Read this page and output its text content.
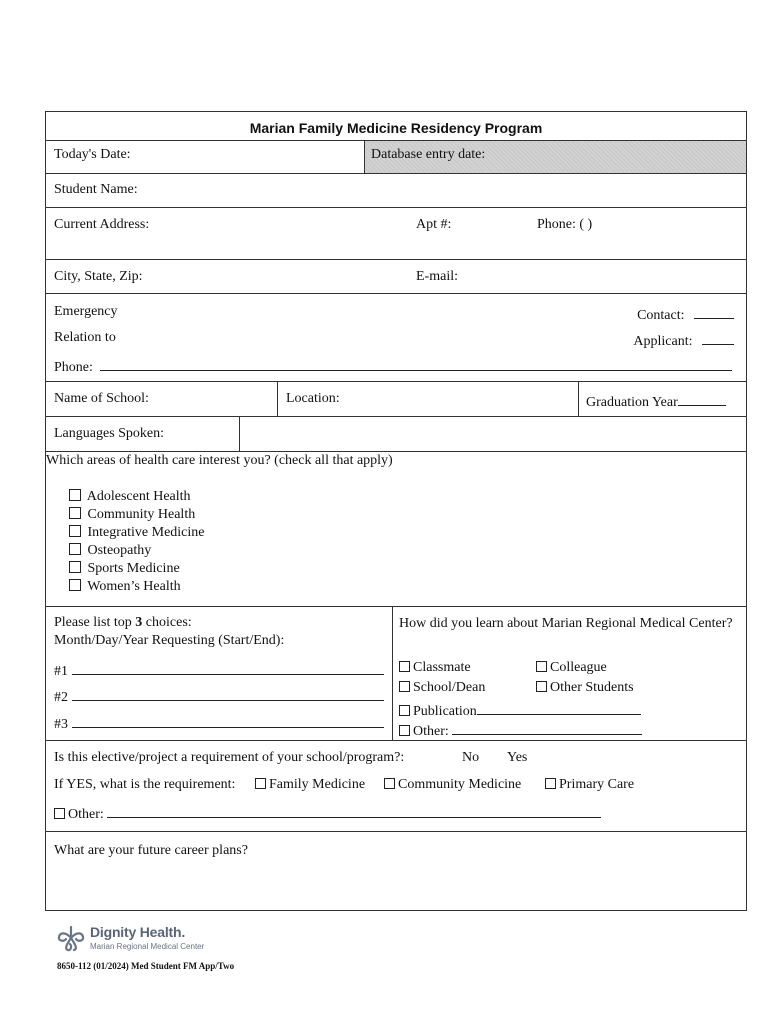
Marian Family Medicine Residency Program
Today's Date:	Database entry date:
Student Name:
Current Address:	Apt #:	Phone: ( )
City, State, Zip:	E-mail:
Emergency	Contact:
Relation to	Applicant:
Phone:
Name of School:	Location:	Graduation Year
Languages Spoken:
Which areas of health care interest you? (check all that apply)
Adolescent Health
Community Health
Integrative Medicine
Osteopathy
Sports Medicine
Women’s Health
Please list top 3 choices:
Month/Day/Year Requesting (Start/End):
#1
#2
#3
How did you learn about Marian Regional Medical Center?
Classmate	Colleague
School/Dean	Other Students
Publication
Other:
Is this elective/project a requirement of your school/program?:	No Yes
If YES, what is the requirement:	Family Medicine	Community Medicine	Primary Care
Other:
What are your future career plans?
Dignity Health.
Marian Regional Medical Center
8650-112 (01/2024) Med Student FM App/Two
